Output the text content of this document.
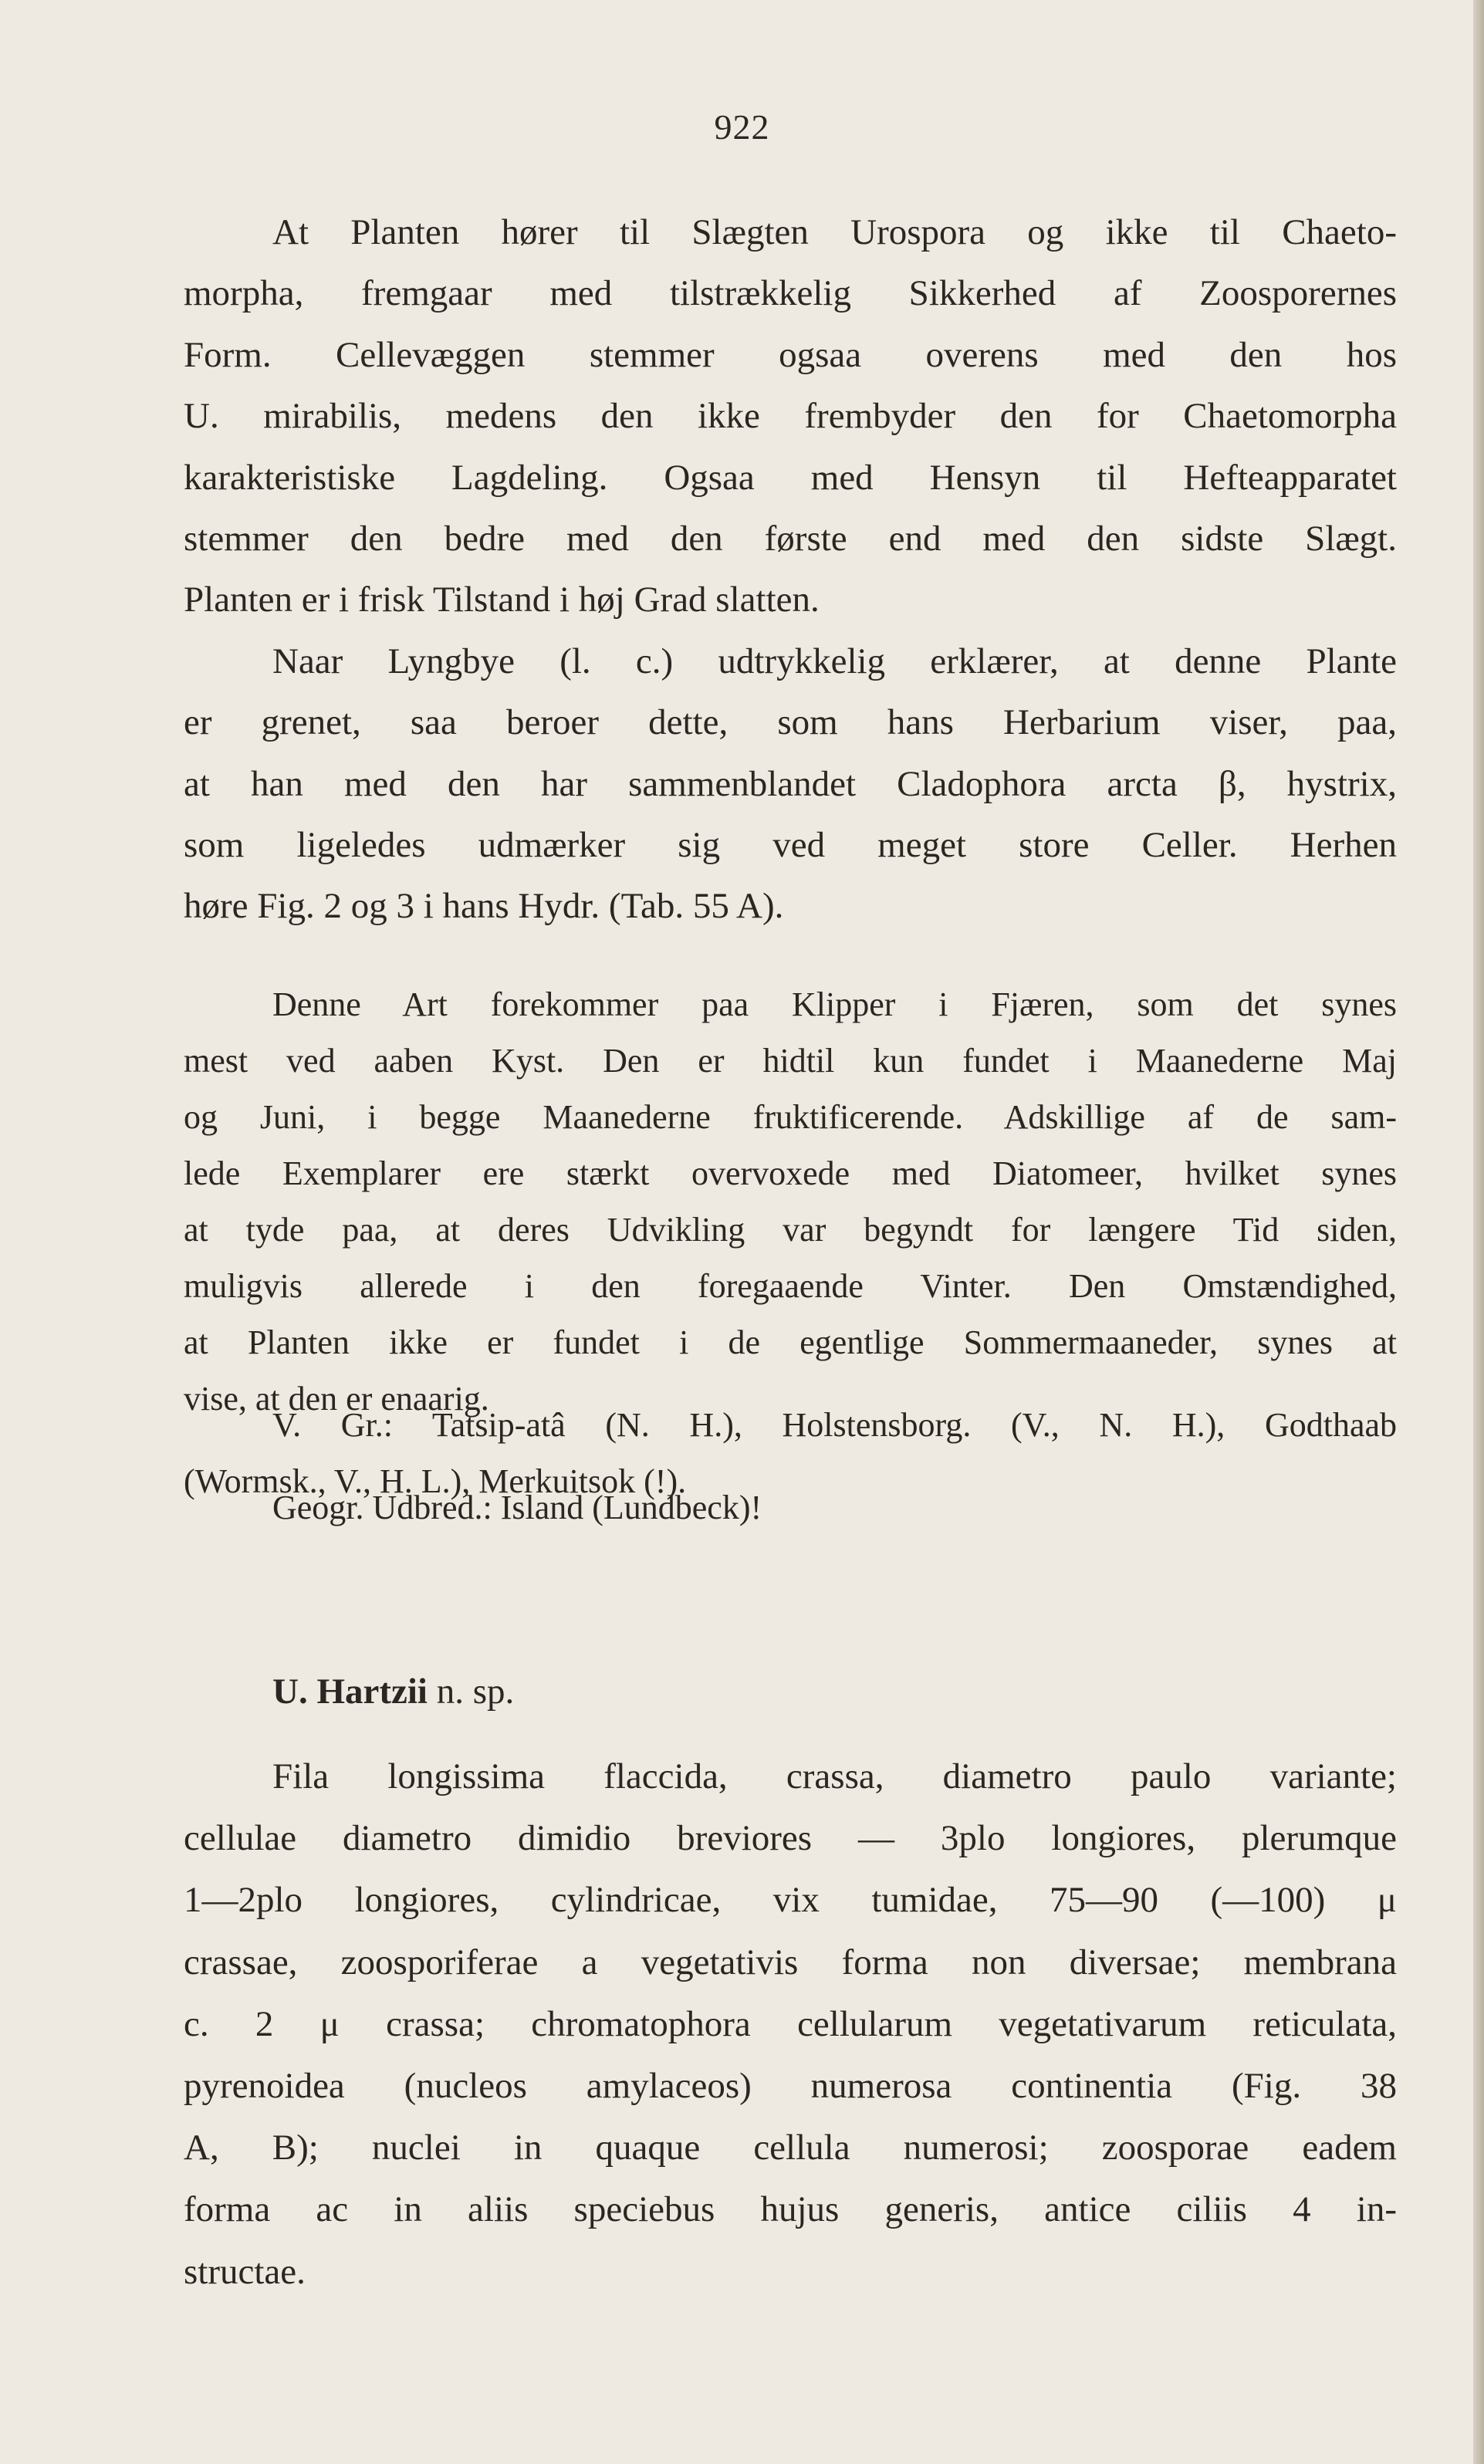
922
At Planten hører til Slægten Urospora og ikke til Chaeto-
morpha, fremgaar med tilstrækkelig Sikkerhed af Zoosporernes
Form. Cellevæggen stemmer ogsaa overens med den hos
U. mirabilis, medens den ikke frembyder den for Chaetomorpha
karakteristiske Lagdeling. Ogsaa med Hensyn til Hefteapparatet
stemmer den bedre med den første end med den sidste Slægt.
Planten er i frisk Tilstand i høj Grad slatten.
Naar Lyngbye (l. c.) udtrykkelig erklærer, at denne Plante
er grenet, saa beroer dette, som hans Herbarium viser, paa,
at han med den har sammenblandet Cladophora arcta β, hystrix,
som ligeledes udmærker sig ved meget store Celler. Herhen
høre Fig. 2 og 3 i hans Hydr. (Tab. 55 A).
Denne Art forekommer paa Klipper i Fjæren, som det synes
mest ved aaben Kyst. Den er hidtil kun fundet i Maanederne Maj
og Juni, i begge Maanederne fruktificerende. Adskillige af de sam-
lede Exemplarer ere stærkt overvoxede med Diatomeer, hvilket synes
at tyde paa, at deres Udvikling var begyndt for længere Tid siden,
muligvis allerede i den foregaaende Vinter. Den Omstændighed,
at Planten ikke er fundet i de egentlige Sommermaaneder, synes at
vise, at den er enaarig.
V. Gr.: Tatsip-atâ (N. H.), Holstensborg. (V., N. H.), Godthaab
(Wormsk., V., H. L.), Merkuitsok (!).
Geogr. Udbred.: Island (Lundbeck)!
U. Hartzii n. sp.
Fila longissima flaccida, crassa, diametro paulo variante;
cellulae diametro dimidio breviores — 3plo longiores, plerumque
1—2plo longiores, cylindricae, vix tumidae, 75—90 (—100) μ
crassae, zoosporiferae a vegetativis forma non diversae; membrana
c. 2 μ crassa; chromatophora cellularum vegetativarum reticulata,
pyrenoidea (nucleos amylaceos) numerosa continentia (Fig. 38
A, B); nuclei in quaque cellula numerosi; zoosporae eadem
forma ac in aliis speciebus hujus generis, antice ciliis 4 in-
structae.
